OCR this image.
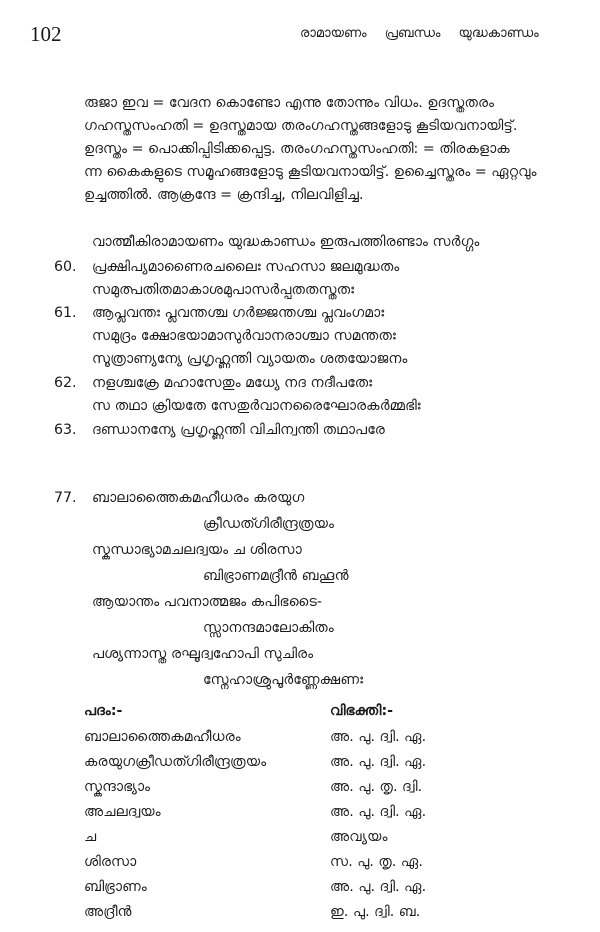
102	രാമായണം പ്രബന്ധം യുദ്ധകാണ്ഡം
രുജാ ഇവ = വേദന കൊണ്ടോ എന്നു തോന്നും വിധം. ഉദസ്തതരം
ഗഹസ്തസംഹതി = ഉദസ്തമായ തരംഗഹസ്തങ്ങളോടു കൂടിയവനായിട്ട്.
ഉദസ്തം = പൊക്കിപ്പിടിക്കപ്പെട്ട. തരംഗഹസ്തസംഹതി: = തിരകളാക
ന്ന കൈകളുടെ സമൂഹങ്ങളോടു കൂടിയവനായിട്ട്. ഉച്ചൈസ്തരം = ഏറ്റവും
ഉച്ചത്തിൽ. ആക്രന്ദേ = ക്രന്ദിച്ച, നിലവിളിച്ച.
വാത്മീകിരാമായണം യുദ്ധകാണ്ഡം ഇരുപത്തിരണ്ടാം സർഗ്ഗം
60. പ്രക്ഷിപ്യമാണൈരചലൈഃ സഹസാ ജലമുദ്ധതം
സമുത്പതിതമാകാശമുപാസർപ്പതതസ്തതഃ
61. ആപ്ലവന്തഃ പ്ലവന്തശ്ച ഗർജ്ജന്തശ്ച പ്ലവംഗമാഃ
സമുദ്രം ക്ഷോഭയാമാസുർവാനരാശ്ചാ സമന്തതഃ
സൂത്രാണ്യന്യേ പ്രഗൃഹ്ണന്തി വ്യായതം ശതയോജനം
62. നളശ്ചക്രേ മഹാസേതും മധ്യേ നദ നദീപതേഃ
സ തഥാ ക്രിയതേ സേതുർവാനരൈഘോരകർമ്മഭിഃ
63. ദണ്ഡാനന്യേ പ്രഗൃഹ്ണന്തി വിചിന്വന്തി തഥാപരേ
77. ബാലാത്തൈകമഹീധരം കരയുഗ
ക്രീഡത്ഗിരീന്ദ്രത്രയം
സ്കന്ധാഭ്യാമചലദ്വയം ച ശിരസാ
ബിഭ്രാണമദ്രീൻ ബഹൂൻ
ആയാന്തം പവനാത്മജം കപിഭടൈ-
സ്സാനന്ദമാലോകിതം
പശ്യന്നാസ്ത രഘൂദ്വഹോപി സുചിരം
സ്നേഹാശ്രുപൂർണ്ണേക്ഷണഃ
പദം:-	വിഭക്തി:-
ബാലാത്തൈകമഹീധരം	അ. പു. ദ്വി. ഏ.
കരയുഗക്രീഡത്ഗിരീന്ദ്രത്രയം	അ. പു. ദ്വി. ഏ.
സ്കന്ദാഭ്യാം	അ. പു. തൃ. ദ്വി.
അചലദ്വയം	അ. പു. ദ്വി. ഏ.
ച	അവ്യയം
ശിരസാ	സ. പു. തൃ. ഏ.
ബിഭ്രാണം	അ. പു. ദ്വി. ഏ.
അദ്രീൻ	ഇ. പു. ദ്വി. ബ.
